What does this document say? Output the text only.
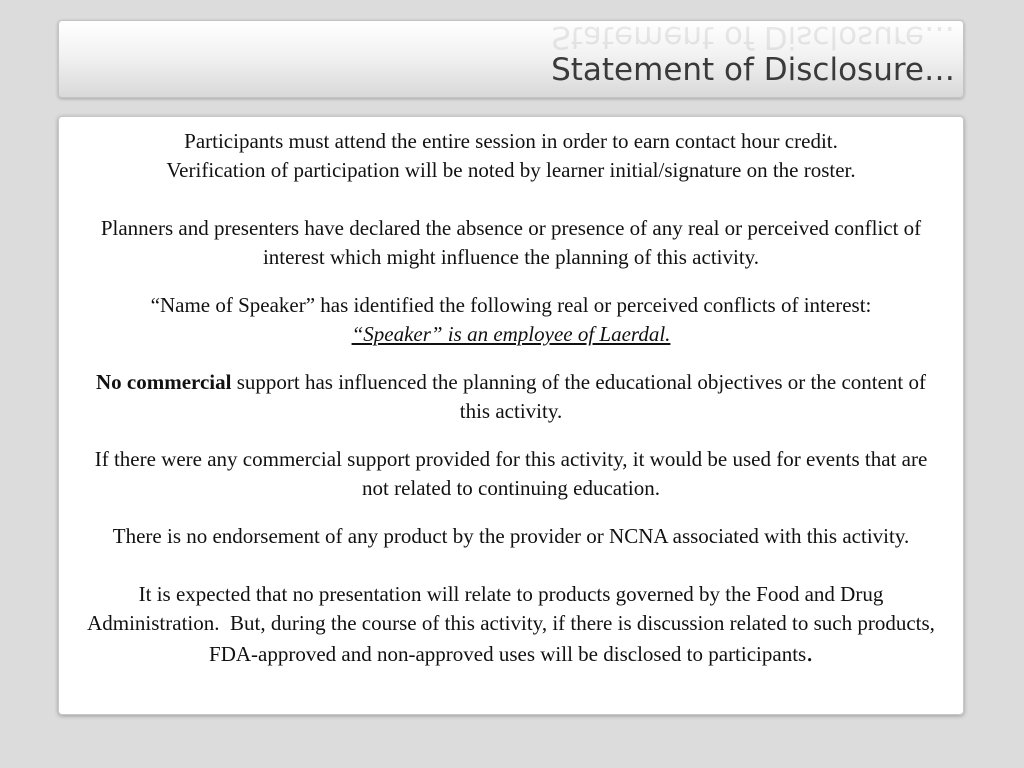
Statement of Disclosure…
Statement of Disclosure…

Participants must attend the entire session in order to earn contact hour credit.
Verification of participation will be noted by learner initial/signature on the roster.

Planners and presenters have declared the absence or presence of any real or perceived conflict of interest which might influence the planning of this activity.

“Name of Speaker” has identified the following real or perceived conflicts of interest:
“Speaker” is an employee of Laerdal.

No commercial support has influenced the planning of the educational objectives or the content of this activity.

If there were any commercial support provided for this activity, it would be used for events that are not related to continuing education.

There is no endorsement of any product by the provider or NCNA associated with this activity.

It is expected that no presentation will relate to products governed by the Food and Drug Administration.  But, during the course of this activity, if there is discussion related to such products, FDA-approved and non-approved uses will be disclosed to participants.
